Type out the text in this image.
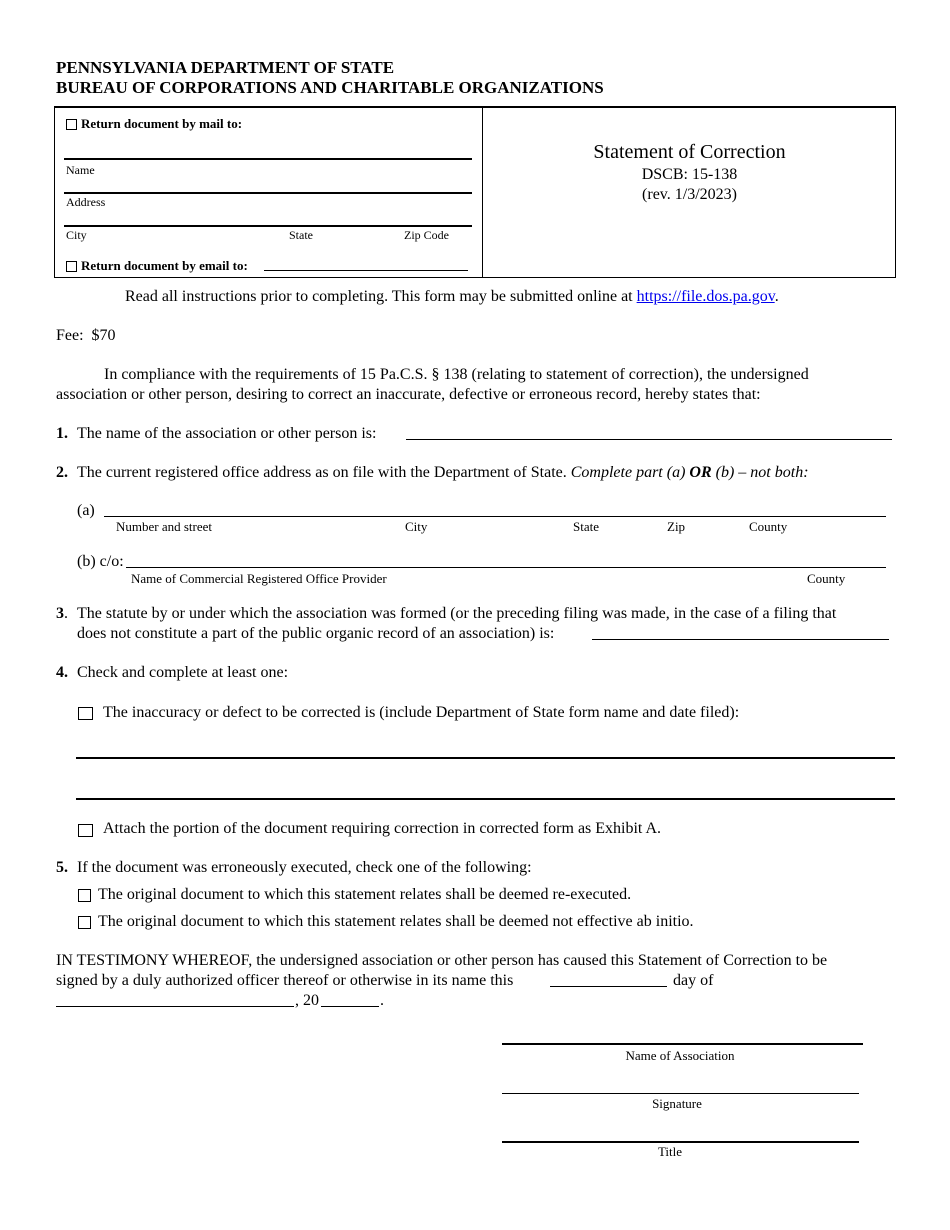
PENNSYLVANIA DEPARTMENT OF STATE
BUREAU OF CORPORATIONS AND CHARITABLE ORGANIZATIONS
Return document by mail to:
Name
Address
City	State	Zip Code
Return document by email to:
Statement of Correction
DSCB: 15-138
(rev. 1/3/2023)
Read all instructions prior to completing. This form may be submitted online at https://file.dos.pa.gov.
Fee:  $70
In compliance with the requirements of 15 Pa.C.S. § 138 (relating to statement of correction), the undersigned
association or other person, desiring to correct an inaccurate, defective or erroneous record, hereby states that:
1. The name of the association or other person is:
2. The current registered office address as on file with the Department of State. Complete part (a) OR (b) – not both:
(a)
Number and street	City	State	Zip	County
(b) c/o:
Name of Commercial Registered Office Provider	County
3. The statute by or under which the association was formed (or the preceding filing was made, in the case of a filing that
does not constitute a part of the public organic record of an association) is:
4. Check and complete at least one:
The inaccuracy or defect to be corrected is (include Department of State form name and date filed):
Attach the portion of the document requiring correction in corrected form as Exhibit A.
5. If the document was erroneously executed, check one of the following:
The original document to which this statement relates shall be deemed re-executed.
The original document to which this statement relates shall be deemed not effective ab initio.
IN TESTIMONY WHEREOF, the undersigned association or other person has caused this Statement of Correction to be
signed by a duly authorized officer thereof or otherwise in its name this	day of
, 20	.
Name of Association
Signature
Title
